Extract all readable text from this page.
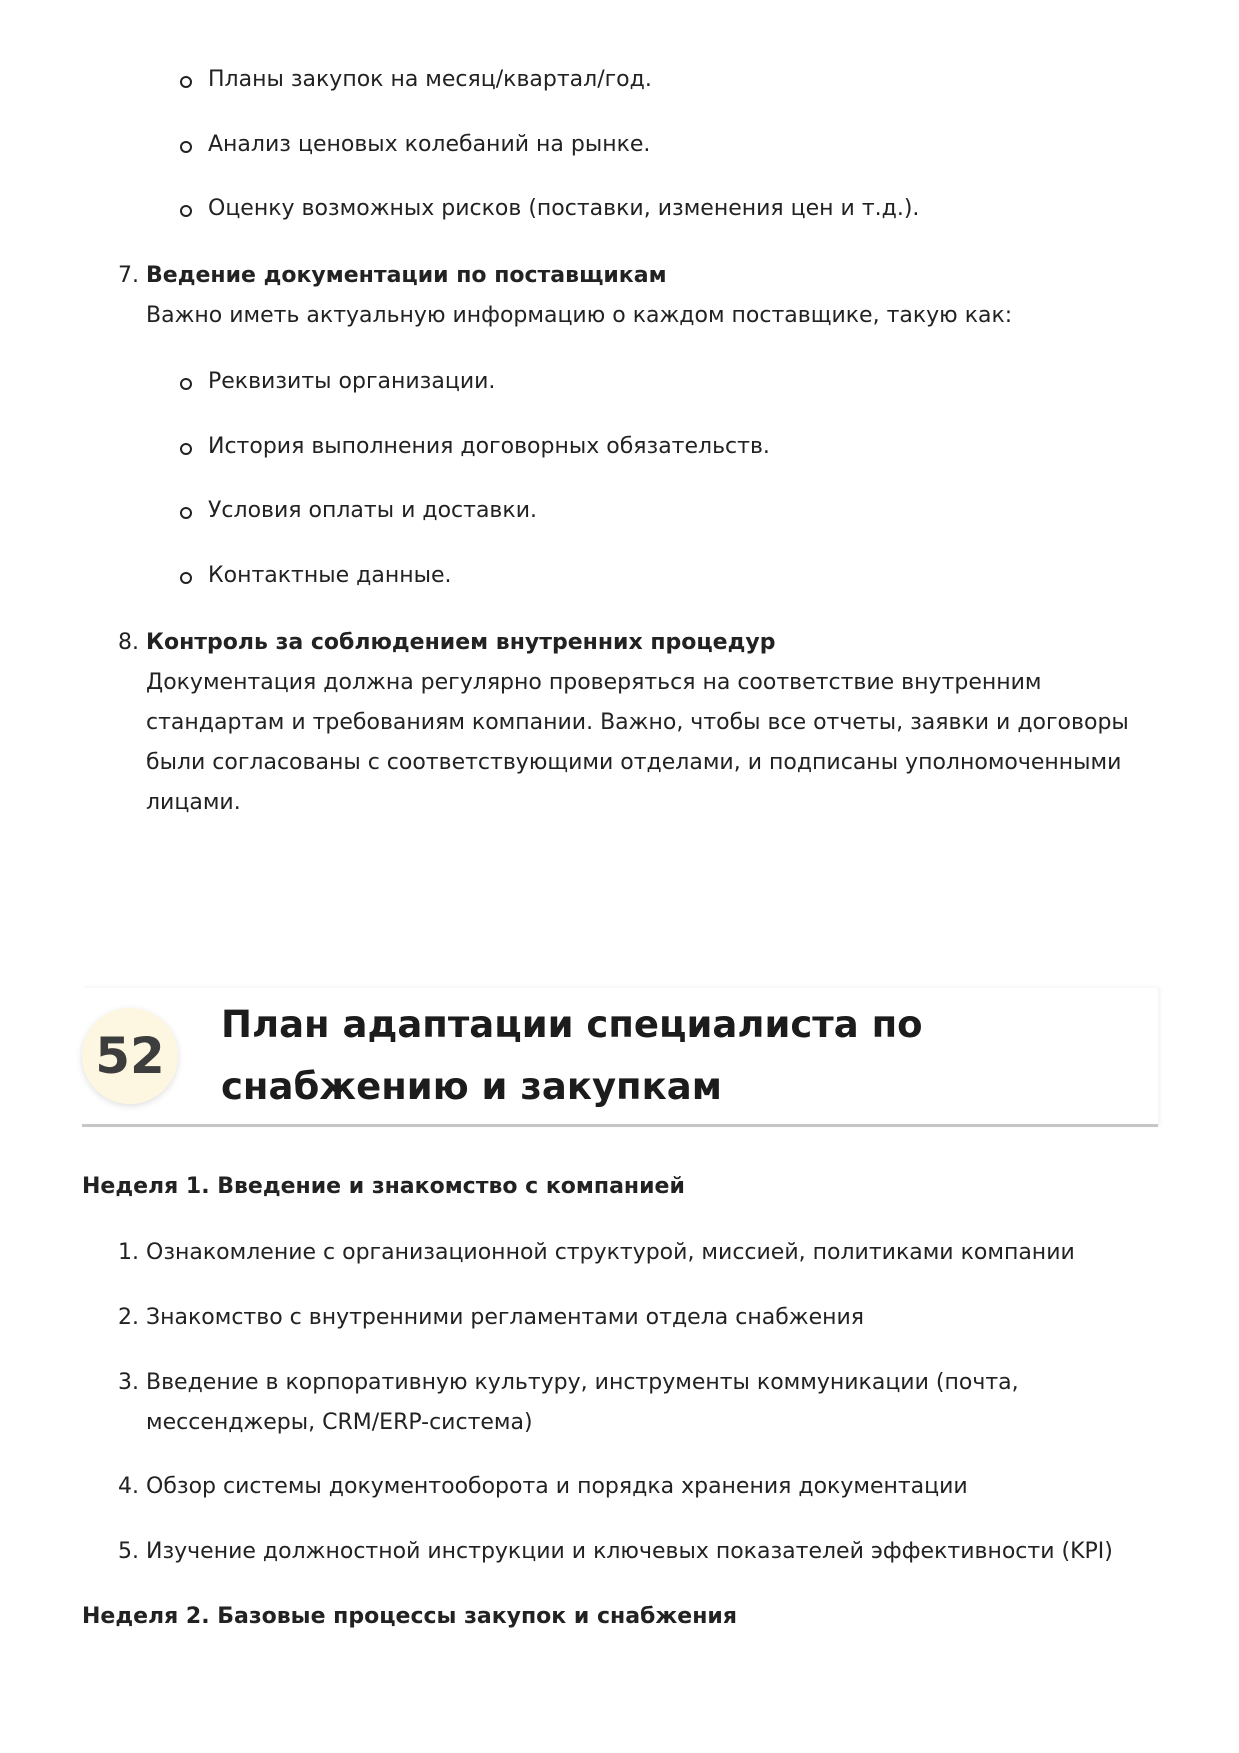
Планы закупок на месяц/квартал/год.
Анализ ценовых колебаний на рынке.
Оценку возможных рисков (поставки, изменения цен и т.д.).
7. Ведение документации по поставщикам
Важно иметь актуальную информацию о каждом поставщике, такую как:
Реквизиты организации.
История выполнения договорных обязательств.
Условия оплаты и доставки.
Контактные данные.
8. Контроль за соблюдением внутренних процедур
Документация должна регулярно проверяться на соответствие внутренним стандартам и требованиям компании. Важно, чтобы все отчеты, заявки и договоры были согласованы с соответствующими отделами, и подписаны уполномоченными лицами.
52
План адаптации специалиста по снабжению и закупкам
Неделя 1. Введение и знакомство с компанией
1. Ознакомление с организационной структурой, миссией, политиками компании
2. Знакомство с внутренними регламентами отдела снабжения
3. Введение в корпоративную культуру, инструменты коммуникации (почта, мессенджеры, CRM/ERP-система)
4. Обзор системы документооборота и порядка хранения документации
5. Изучение должностной инструкции и ключевых показателей эффективности (KPI)
Неделя 2. Базовые процессы закупок и снабжения
